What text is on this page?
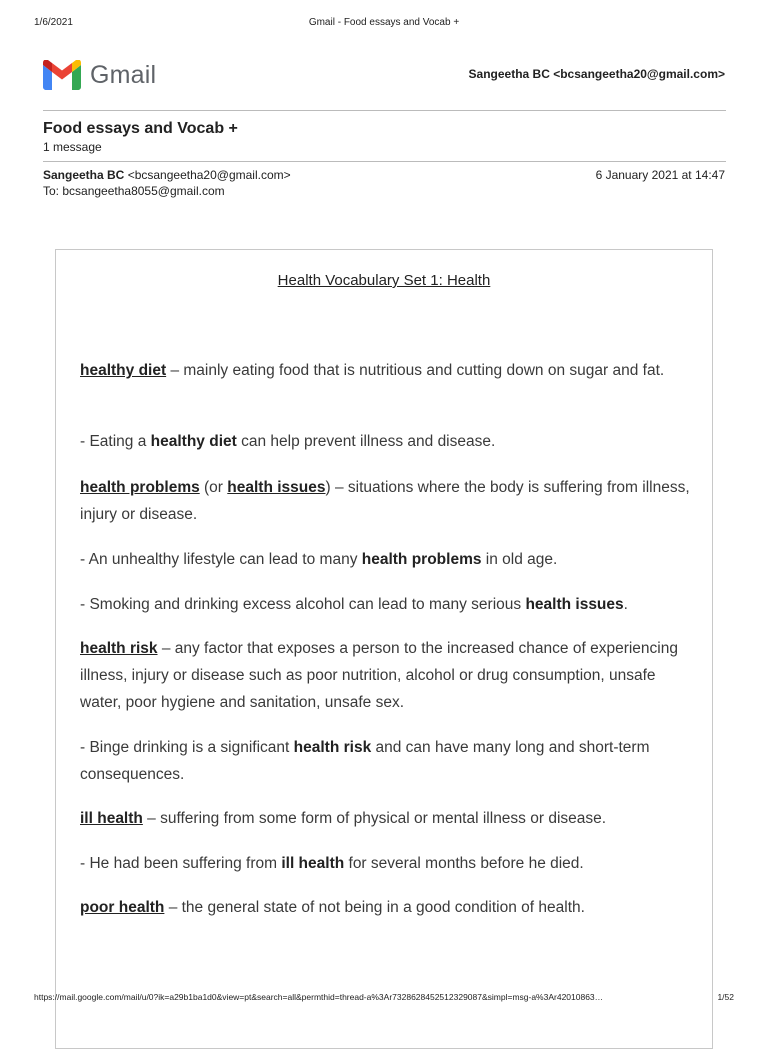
1/6/2021	Gmail - Food essays and Vocab +
Gmail	Sangeetha BC <bcsangeetha20@gmail.com>
Food essays and Vocab +
1 message
Sangeetha BC <bcsangeetha20@gmail.com>	6 January 2021 at 14:47
To: bcsangeetha8055@gmail.com
Health Vocabulary Set 1: Health
healthy diet – mainly eating food that is nutritious and cutting down on sugar and fat.
- Eating a healthy diet can help prevent illness and disease.
health problems (or health issues) – situations where the body is suffering from illness, injury or disease.
- An unhealthy lifestyle can lead to many health problems in old age.
- Smoking and drinking excess alcohol can lead to many serious health issues.
health risk – any factor that exposes a person to the increased chance of experiencing illness, injury or disease such as poor nutrition, alcohol or drug consumption, unsafe water, poor hygiene and sanitation, unsafe sex.
- Binge drinking is a significant health risk and can have many long and short-term consequences.
ill health – suffering from some form of physical or mental illness or disease.
- He had been suffering from ill health for several months before he died.
poor health – the general state of not being in a good condition of health.
https://mail.google.com/mail/u/0?ik=a29b1ba1d0&view=pt&search=all&permthid=thread-a%3Ar7328628452512329087&simpl=msg-a%3Ar42010863…	1/52
